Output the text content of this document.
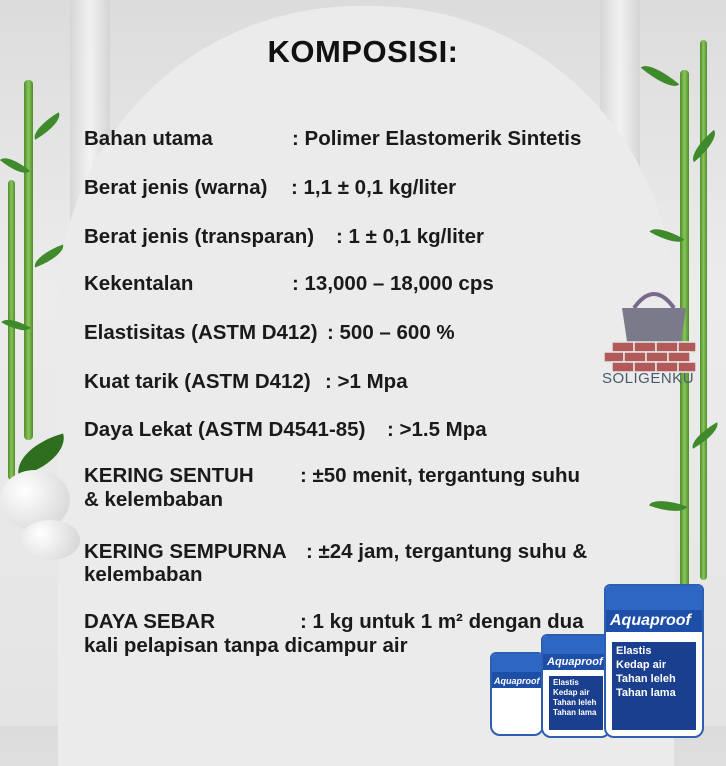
KOMPOSISI:
Bahan utama	: Polimer Elastomerik Sintetis
Berat jenis (warna) : 1,1 ± 0,1 kg/liter
Berat jenis (transparan) : 1 ± 0,1 kg/liter
Kekentalan	: 13,000 – 18,000 cps
Elastisitas (ASTM D412) : 500 – 600 %
Kuat tarik (ASTM D412) : >1 Mpa
Daya Lekat (ASTM D4541-85) : >1.5 Mpa
KERING SENTUH : ±50 menit, tergantung suhu
& kelembaban
KERING SEMPURNA : ±24 jam, tergantung suhu &
kelembaban
DAYA SEBAR	: 1 kg untuk 1 m² dengan dua
kali pelapisan tanpa dicampur air
SOLIGENKU
Aquaproof
Aquaproof
Elastis
Kedap air
Tahan leleh
Tahan lama
Aquaproof
Elastis
Kedap air
Tahan leleh
Tahan lama
